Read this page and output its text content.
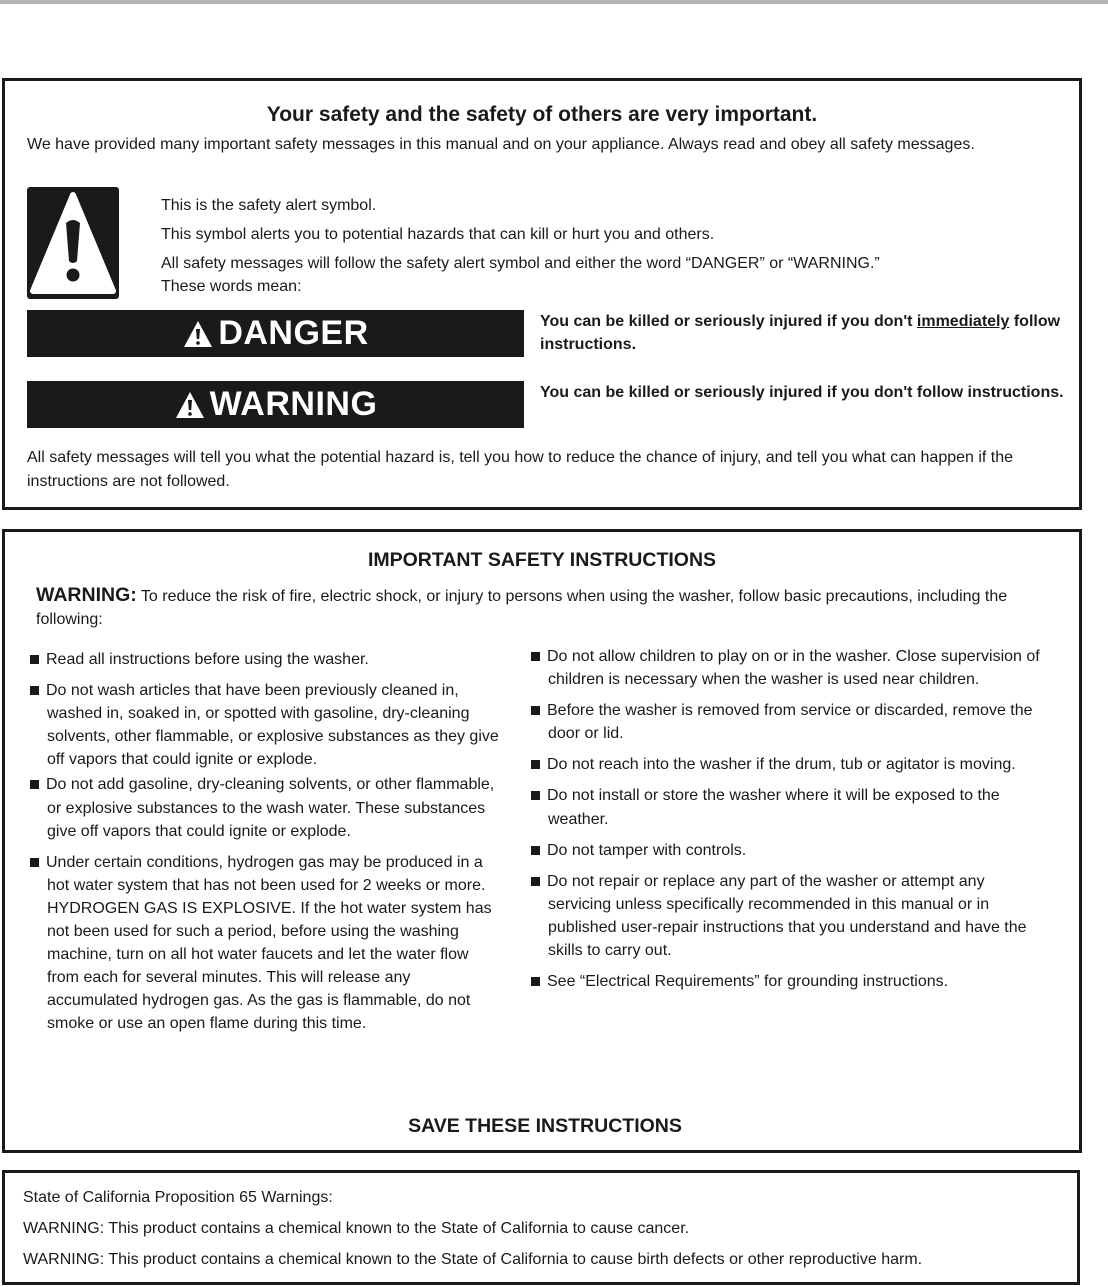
Your safety and the safety of others are very important.
We have provided many important safety messages in this manual and on your appliance. Always read and obey all safety messages.
This is the safety alert symbol.
This symbol alerts you to potential hazards that can kill or hurt you and others.
All safety messages will follow the safety alert symbol and either the word “DANGER” or “WARNING.”
These words mean:
DANGER	You can be killed or seriously injured if you don't immediately follow instructions.
WARNING	You can be killed or seriously injured if you don't follow instructions.
All safety messages will tell you what the potential hazard is, tell you how to reduce the chance of injury, and tell you what can happen if the instructions are not followed.
IMPORTANT SAFETY INSTRUCTIONS
WARNING: To reduce the risk of fire, electric shock, or injury to persons when using the washer, follow basic precautions, including the following:
Read all instructions before using the washer.
Do not wash articles that have been previously cleaned in, washed in, soaked in, or spotted with gasoline, dry-cleaning solvents, other flammable, or explosive substances as they give off vapors that could ignite or explode.
Do not add gasoline, dry-cleaning solvents, or other flammable, or explosive substances to the wash water. These substances give off vapors that could ignite or explode.
Under certain conditions, hydrogen gas may be produced in a hot water system that has not been used for 2 weeks or more. HYDROGEN GAS IS EXPLOSIVE. If the hot water system has not been used for such a period, before using the washing machine, turn on all hot water faucets and let the water flow from each for several minutes. This will release any accumulated hydrogen gas. As the gas is flammable, do not smoke or use an open flame during this time.
Do not allow children to play on or in the washer. Close supervision of children is necessary when the washer is used near children.
Before the washer is removed from service or discarded, remove the door or lid.
Do not reach into the washer if the drum, tub or agitator is moving.
Do not install or store the washer where it will be exposed to the weather.
Do not tamper with controls.
Do not repair or replace any part of the washer or attempt any servicing unless specifically recommended in this manual or in published user-repair instructions that you understand and have the skills to carry out.
See “Electrical Requirements” for grounding instructions.
SAVE THESE INSTRUCTIONS
State of California Proposition 65 Warnings:
WARNING: This product contains a chemical known to the State of California to cause cancer.
WARNING: This product contains a chemical known to the State of California to cause birth defects or other reproductive harm.
